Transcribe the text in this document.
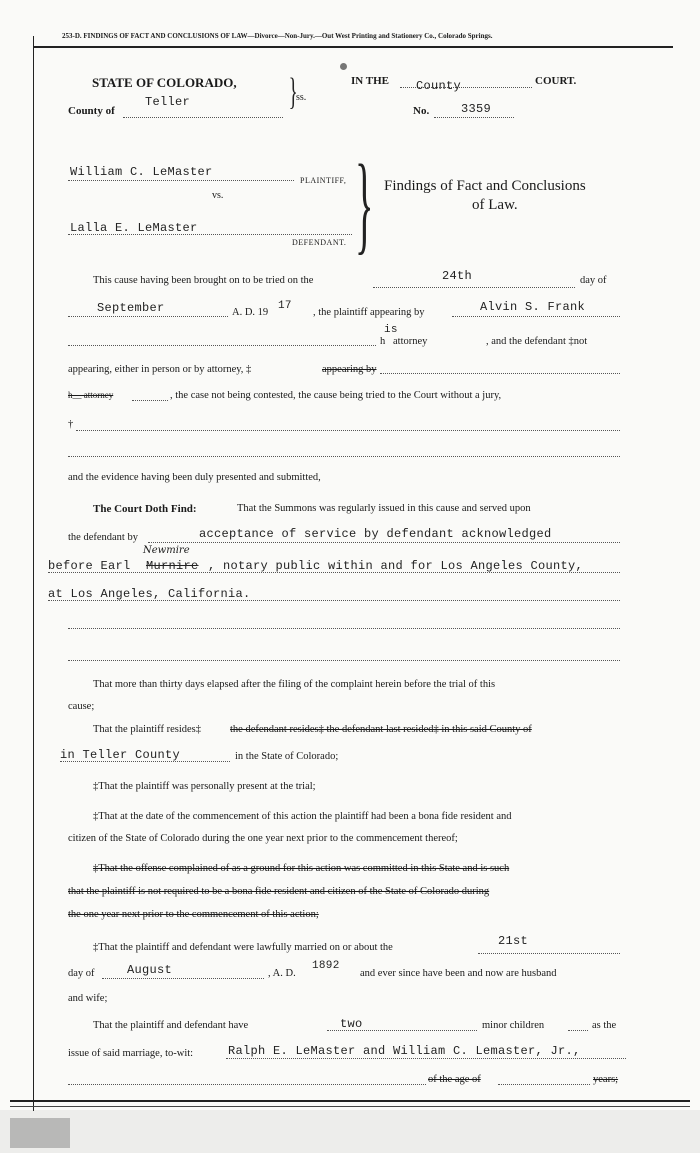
253-D. FINDINGS OF FACT AND CONCLUSIONS OF LAW—Divorce—Non-Jury.—Out West Printing and Stationery Co., Colorado Springs.
STATE OF COLORADO,
County of
Teller	}
ss.
IN THE County	COURT.
No.	3359
William C. LeMaster
PLAINTIFF,
vs.
Lalla E. LeMaster
DEFENDANT. } Findings of Fact and Conclusions
of Law.
This cause having been brought on to be tried on the	24th	day of
September	A. D. 19
17
, the plaintiff appearing by	Alvin S. Frank
h
is
attorney	, and the defendant ‡not
appearing, either in person or by attorney, ‡	appearing by
h__ attorney	, the case not being contested, the cause being tried to the Court without a jury,
†
and the evidence having been duly presented and submitted,
The Court Doth Find:	That the Summons was regularly issued in this cause and served upon
the defendant by	acceptance of service by defendant acknowledged
before Earl Murnire
Newmire
, notary public within and for Los Angeles County,
at Los Angeles, California.
That more than thirty days elapsed after the filing of the complaint herein before the trial of this
cause;
That the plaintiff resides‡	the defendant resides‡ the defendant last resided‡ in this said County of
in Teller County	in the State of Colorado;
‡That the plaintiff was personally present at the trial;
‡That at the date of the commencement of this action the plaintiff had been a bona fide resident and
citizen of the State of Colorado during the one year next prior to the commencement thereof;
‡That the offense complained of as a ground for this action was committed in this State and is such
that the plaintiff is not required to be a bona fide resident and citizen of the State of Colorado during
the one year next prior to the commencement of this action;
‡That the plaintiff and defendant were lawfully married on or about the	21st
day of	August	, A. D.
1892
and ever since have been and now are husband
and wife;
That the plaintiff and defendant have	two	minor children	as the
issue of said marriage, to-wit:	Ralph E. LeMaster and William C. Lemaster, Jr.,
of the age of	years;
